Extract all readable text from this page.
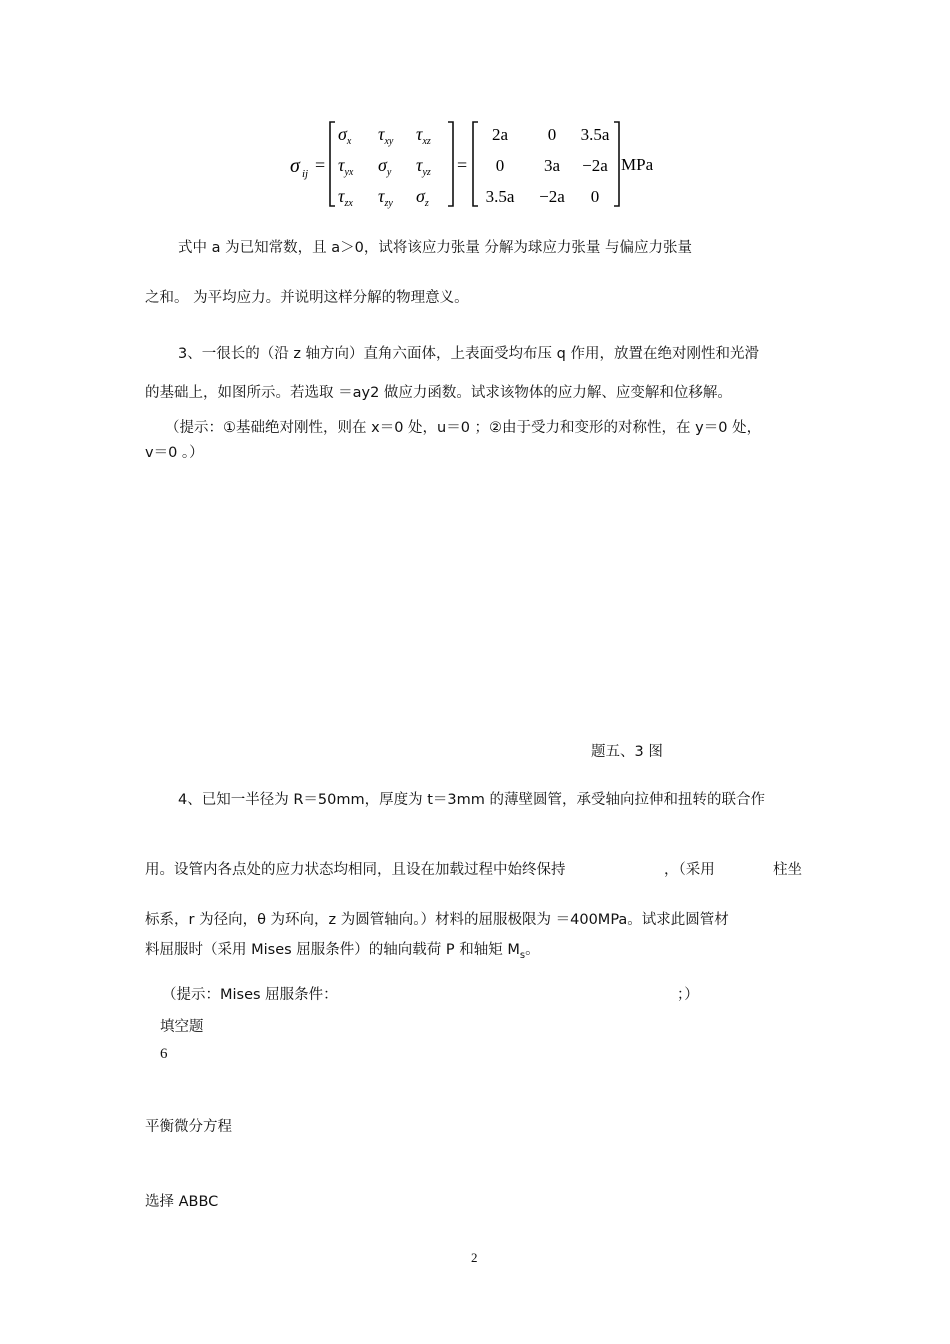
σ ij =
$\sigma_x$ $\tau_{xy}$ $\tau_{xz}$
$\tau_{yx}$ $\sigma_y$ $\tau_{yz}$
$\tau_{zx}$ $\tau_{zy}$ $\sigma_z$
=
2a 0 3.5a
0 3a −2a
3.5a −2a 0
MPa
式中 a 为已知常数，且 a＞0，试将该应力张量 分解为球应力张量 与偏应力张量
之和。 为平均应力。并说明这样分解的物理意义。
3、一很长的（沿 z 轴方向）直角六面体，上表面受均布压 q 作用，放置在绝对刚性和光滑
的基础上，如图所示。若选取 ＝ay2 做应力函数。试求该物体的应力解、应变解和位移解。
（提示：①基础绝对刚性，则在 x＝0 处，u＝0 ；②由于受力和变形的对称性，在 y＝0 处，
v＝0 。）
题五、3 图
4、已知一半径为 R＝50mm，厚度为 t＝3mm 的薄壁圆管，承受轴向拉伸和扭转的联合作
用。设管内各点处的应力状态均相同，且设在加载过程中始终保持	，（采用	柱坐
标系，r 为径向，θ 为环向，z 为圆管轴向。）材料的屈服极限为 ＝400MPa。试求此圆管材
料屈服时（采用 Mises 屈服条件）的轴向载荷 P 和轴矩 $M_s$。
（提示：Mises 屈服条件：	；）
填空题
6
平衡微分方程
选择 ABBC
2
